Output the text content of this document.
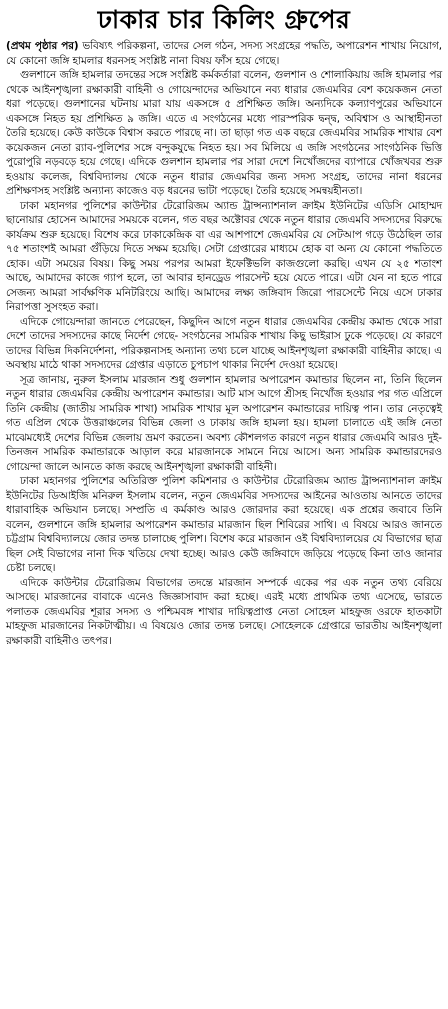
ঢাকার চার কিলিং গ্রুপের

(প্রথম পৃষ্ঠার পর) ভবিষ্যৎ পরিকল্পনা, তাদের সেল গঠন, সদস্য সংগ্রহের পদ্ধতি, অপারেশন শাখায় নিয়োগ, যে কোনো জঙ্গি হামলার ধরনসহ সংশ্লিষ্ট নানা বিষয় ফাঁস হয়ে গেছে।

গুলশানে জঙ্গি হামলার তদন্তের সঙ্গে সংশ্লিষ্ট কর্মকর্তারা বলেন, গুলশান ও শোলাকিয়ায় জঙ্গি হামলার পর থেকে আইনশৃঙ্খলা রক্ষাকারী বাহিনী ও গোয়েন্দাদের অভিযানে নব্য ধারার জেএমবির বেশ কয়েকজন নেতা ধরা পড়েছে। গুলশানের ঘটনায় মারা যায় একসঙ্গে ৫ প্রশিক্ষিত জঙ্গি। অন্যদিকে কল্যাণপুরের অভিযানে একসঙ্গে নিহত হয় প্রশিক্ষিত ৯ জঙ্গি। এতে এ সংগঠনের মধ্যে পারস্পরিক দ্বন্দ্ব, অবিশ্বাস ও আস্থাহীনতা তৈরি হয়েছে। কেউ কাউকে বিশ্বাস করতে পারছে না। তা ছাড়া গত এক বছরে জেএমবির সামরিক শাখার বেশ কয়েকজন নেতা র‍্যাব-পুলিশের সঙ্গে বন্দুকযুদ্ধে নিহত হয়। সব মিলিয়ে এ জঙ্গি সংগঠনের সাংগঠনিক ভিত্তি পুরোপুরি নড়বড়ে হয়ে গেছে। এদিকে গুলশান হামলার পর সারা দেশে নিখোঁজদের ব্যাপারে খোঁজখবর শুরু হওয়ায় কলেজ, বিশ্ববিদ্যালয় থেকে নতুন ধারার জেএমবির জন্য সদস্য সংগ্রহ, তাদের নানা ধরনের প্রশিক্ষণসহ সংশ্লিষ্ট অন্যান্য কাজেও বড় ধরনের ভাটা পড়েছে। তৈরি হয়েছে সমন্বয়হীনতা।

ঢাকা মহানগর পুলিশের কাউন্টার টেরোরিজম অ্যান্ড ট্রান্সন্যাশনাল ক্রাইম ইউনিটের এডিসি মোহাম্মদ ছানোয়ার হোসেন আমাদের সময়কে বলেন, গত বছর অক্টোবর থেকে নতুন ধারার জেএমবি সদস্যদের বিরুদ্ধে কার্যক্রম শুরু হয়েছে। বিশেষ করে ঢাকাকেন্দ্রিক বা এর আশপাশে জেএমবির যে সেটআপ গড়ে উঠেছিল তার ৭৫ শতাংশই আমরা গুঁড়িয়ে দিতে সক্ষম হয়েছি। সেটা গ্রেপ্তারের মাধ্যমে হোক বা অন্য যে কোনো পদ্ধতিতে হোক। এটা সময়ের বিষয়। কিছু সময় পরপর আমরা ইফেক্টিভলি কাজগুলো করছি। এখন যে ২৫ শতাংশ আছে, আমাদের কাজে গ্যাপ হলে, তা আবার হানড্রেড পারসেন্ট হয়ে যেতে পারে। এটা যেন না হতে পারে সেজন্য আমরা সার্বক্ষণিক মনিটরিংয়ে আছি। আমাদের লক্ষ্য জঙ্গিবাদ জিরো পারসেন্টে নিয়ে এসে ঢাকার নিরাপত্তা সুসংহত করা।

এদিকে গোয়েন্দারা জানতে পেরেছেন, কিছুদিন আগে নতুন ধারার জেএমবির কেন্দ্রীয় কমান্ড থেকে সারা দেশে তাদের সদস্যদের কাছে নির্দেশ গেছে- সংগঠনের সামরিক শাখায় কিছু ভাইরাস ঢুকে পড়েছে। যে কারণে তাদের বিভিন্ন দিকনির্দেশনা, পরিকল্পনাসহ অন্যান্য তথ্য চলে যাচ্ছে আইনশৃঙ্খলা রক্ষাকারী বাহিনীর কাছে। এ অবস্থায় মাঠে থাকা সদস্যদের গ্রেপ্তার এড়াতে চুপচাপ থাকার নির্দেশ দেওয়া হয়েছে।

সূত্র জানায়, নুরুল ইসলাম মারজান শুধু গুলশান হামলার অপারেশন কমান্ডার ছিলেন না, তিনি ছিলেন নতুন ধারার জেএমবির কেন্দ্রীয় অপারেশন কমান্ডার। আট মাস আগে শ্রীসহ নিখোঁজ হওয়ার পর গত এপ্রিলে তিনি কেন্দ্রীয় (জাতীয় সামরিক শাখা) সামরিক শাখার মূল অপারেশন কমান্ডারের দায়িত্ব পান। তার নেতৃত্বেই গত এপ্রিল থেকে উত্তরাঞ্চলের বিভিন্ন জেলা ও ঢাকায় জঙ্গি হামলা হয়। হামলা চালাতে এই জঙ্গি নেতা মাঝেমধ্যেই দেশের বিভিন্ন জেলায় ভ্রমণ করতেন। অবশ্য কৌশলগত কারণে নতুন ধারার জেএমবি আরও দুই-তিনজন সামরিক কমান্ডারকে আড়াল করে মারজানকে সামনে নিয়ে আসে। অন্য সামরিক কমান্ডারদেরও গোয়েন্দা জালে আনতে কাজ করছে আইনশৃঙ্খলা রক্ষাকারী বাহিনী।

ঢাকা মহানগর পুলিশের অতিরিক্ত পুলিশ কমিশনার ও কাউন্টার টেরোরিজম অ্যান্ড ট্রান্সন্যাশনাল ক্রাইম ইউনিটের ডিআইজি মনিরুল ইসলাম বলেন, নতুন জেএমবির সদস্যদের আইনের আওতায় আনতে তাদের ধারাবাহিক অভিযান চলছে। সম্প্রতি এ কর্মকাণ্ড আরও জোরদার করা হয়েছে। এক প্রশ্নের জবাবে তিনি বলেন, গুলশানে জঙ্গি হামলার অপারেশন কমান্ডার মারজান ছিল শিবিরের সাথি। এ বিষয়ে আরও জানতে চট্টগ্রাম বিশ্ববিদ্যালয়ে জোর তদন্ত চালাচ্ছে পুলিশ। বিশেষ করে মারজান ওই বিশ্ববিদ্যালয়ের যে বিভাগের ছাত্র ছিল সেই বিভাগের নানা দিক খতিয়ে দেখা হচ্ছে। আরও কেউ জঙ্গিবাদে জড়িয়ে পড়েছে কিনা তাও জানার চেষ্টা চলছে।

এদিকে কাউন্টার টেরোরিজম বিভাগের তদন্তে মারজান সম্পর্কে একের পর এক নতুন তথ্য বেরিয়ে আসছে। মারজানের বাবাকে এনেও জিজ্ঞাসাবাদ করা হচ্ছে। এরই মধ্যে প্রাথমিক তথ্য এসেছে, ভারতে পলাতক জেএমবির শূরার সদস্য ও পশ্চিমবঙ্গ শাখার দায়িত্বপ্রাপ্ত নেতা সোহেল মাহফুজ ওরফে হাতকাটা মাহফুজ মারজানের নিকটাত্মীয়। এ বিষয়েও জোর তদন্ত চলছে। সোহেলকে গ্রেপ্তারে ভারতীয় আইনশৃঙ্খলা রক্ষাকারী বাহিনীও তৎপর।
